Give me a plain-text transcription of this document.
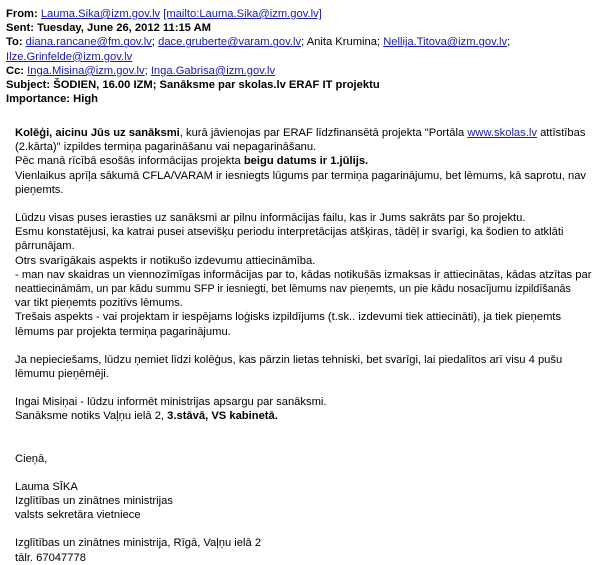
From: Lauma.Sika@izm.gov.lv [mailto:Lauma.Sika@izm.gov.lv]
Sent: Tuesday, June 26, 2012 11:15 AM
To: diana.rancane@fm.gov.lv; dace.gruberte@varam.gov.lv; Anita Krumina; Nellija.Titova@izm.gov.lv;
Ilze.Grinfelde@izm.gov.lv
Cc: Inga.Misina@izm.gov.lv; Inga.Gabrisa@izm.gov.lv
Subject: ŠODIEN, 16.00 IZM; Sanāksme par skolas.lv ERAF IT projektu
Importance: High

Kolēģi, aicinu Jūs uz sanāksmi, kurā jāvienojas par ERAF līdzfinansētā projekta "Portāla www.skolas.lv attīstības

(2.kārta)" izpildes termiņa pagarināšanu vai nepagarināšanu.

Pēc manā rīcībā esošās informācijas projekta beigu datums ir 1.jūlijs.

Vienlaikus aprīļa sākumā CFLA/VARAM ir iesniegts lūgums par termiņa pagarinājumu, bet lēmums, kā saprotu, nav

pieņemts.

Lūdzu visas puses ierasties uz sanāksmi ar pilnu informācijas failu, kas ir Jums sakrāts par šo projektu.

Esmu konstatējusi, ka katrai pusei atsevišķu periodu interpretācijas atšķiras, tādēļ ir svarīgi, ka šodien to atklāti

pārrunājam.

Otrs svarīgākais aspekts ir notikušo izdevumu attiecināmība.

- man nav skaidras un viennozīmīgas informācijas par to, kādas notikušās izmaksas ir attiecinātas, kādas atzītas par

neattiecināmām, un par kādu summu SFP ir iesniegti, bet lēmums nav pieņemts, un pie kādu nosacījumu izpildīšanās

var tikt pieņemts pozitīvs lēmums.

Trešais aspekts - vai projektam ir iespējams loģisks izpildījums (t.sk.. izdevumi tiek attiecināti), ja tiek pieņemts

lēmums par projekta termiņa pagarinājumu.

Ja nepieciešams, lūdzu ņemiet līdzi kolēģus, kas pārzin lietas tehniski, bet svarīgi, lai piedalītos arī visu 4 pušu

lēmumu pieņēmēji.

Ingai Misiņai - lūdzu informēt ministrijas apsargu par sanāksmi.

Sanāksme notiks Vaļņu ielā 2, 3.stāvā, VS kabinetā.

Cieņā,

Lauma SĪKA

Izglītības un zinātnes ministrijas

valsts sekretāra vietniece

Izglītības un zinātnes ministrija, Rīgā, Vaļņu ielā 2

tālr. 67047778
